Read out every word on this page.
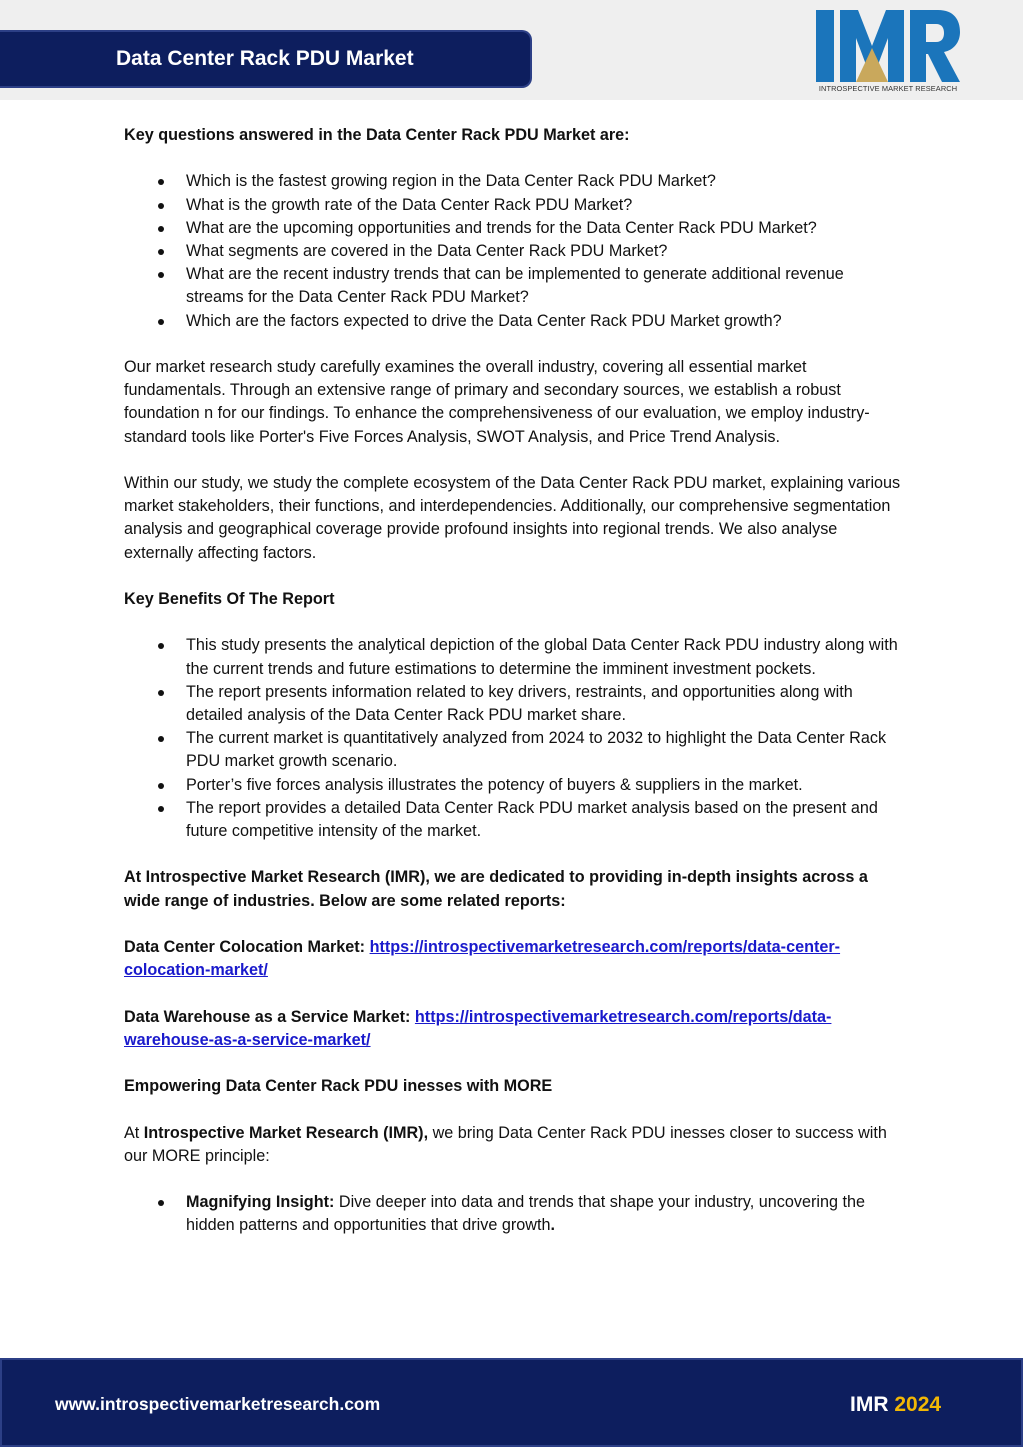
Data Center Rack PDU Market
INTROSPECTIVE MARKET RESEARCH

Key questions answered in the Data Center Rack PDU Market are:

Which is the fastest growing region in the Data Center Rack PDU Market?
What is the growth rate of the Data Center Rack PDU Market?
What are the upcoming opportunities and trends for the Data Center Rack PDU Market?
What segments are covered in the Data Center Rack PDU Market?
What are the recent industry trends that can be implemented to generate additional revenue streams for the Data Center Rack PDU Market?
Which are the factors expected to drive the Data Center Rack PDU Market growth?

Our market research study carefully examines the overall industry, covering all essential market fundamentals. Through an extensive range of primary and secondary sources, we establish a robust foundation n for our findings. To enhance the comprehensiveness of our evaluation, we employ industry-standard tools like Porter's Five Forces Analysis, SWOT Analysis, and Price Trend Analysis.

Within our study, we study the complete ecosystem of the Data Center Rack PDU market, explaining various market stakeholders, their functions, and interdependencies. Additionally, our comprehensive segmentation analysis and geographical coverage provide profound insights into regional trends. We also analyse externally affecting factors.

Key Benefits Of The Report

This study presents the analytical depiction of the global Data Center Rack PDU industry along with the current trends and future estimations to determine the imminent investment pockets.
The report presents information related to key drivers, restraints, and opportunities along with detailed analysis of the Data Center Rack PDU market share.
The current market is quantitatively analyzed from 2024 to 2032 to highlight the Data Center Rack PDU market growth scenario.
Porter’s five forces analysis illustrates the potency of buyers & suppliers in the market.
The report provides a detailed Data Center Rack PDU market analysis based on the present and future competitive intensity of the market.

At Introspective Market Research (IMR), we are dedicated to providing in-depth insights across a wide range of industries. Below are some related reports:

Data Center Colocation Market: https://introspectivemarketresearch.com/reports/data-center-colocation-market/

Data Warehouse as a Service Market: https://introspectivemarketresearch.com/reports/data-warehouse-as-a-service-market/

Empowering Data Center Rack PDU inesses with MORE

At Introspective Market Research (IMR), we bring Data Center Rack PDU inesses closer to success with our MORE principle:

Magnifying Insight: Dive deeper into data and trends that shape your industry, uncovering the hidden patterns and opportunities that drive growth.
www.introspectivemarketresearch.com	IMR 2024
